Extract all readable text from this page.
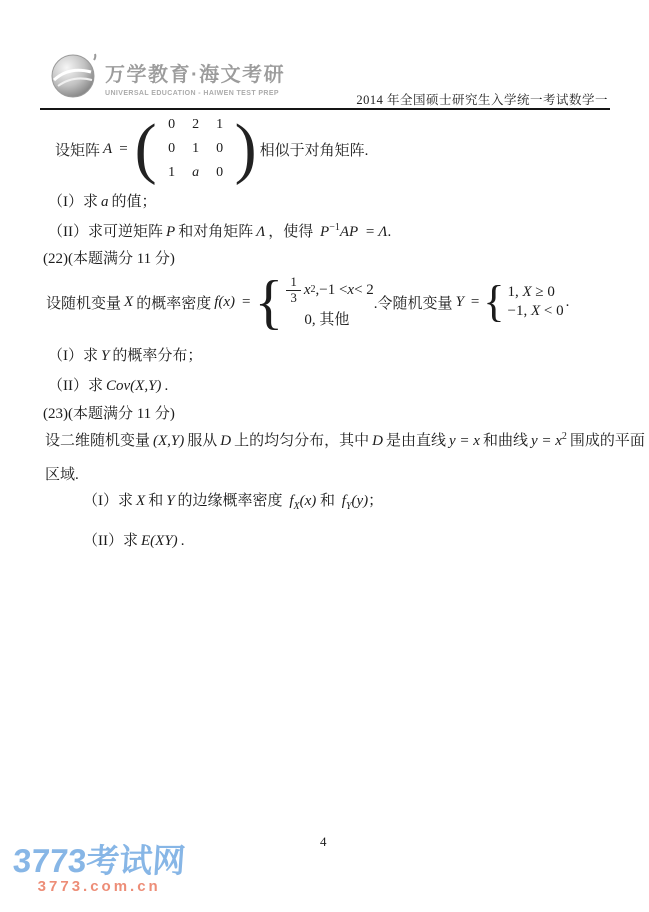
万学教育·海文考研
UNIVERSAL EDUCATION - HAIWEN TEST PREP	2014 年全国硕士研究生入学统一考试数学一
设矩阵 A = ( 0	2	1
0	1	0
1	a	0 ) 相似于对角矩阵.
（I）求 a 的值；
（II）求可逆矩阵 P 和对角矩阵 Λ ，使得 $P^{-1}AP = \Lambda$.
(22)(本题满分 11 分)
设随机变量 X 的概率密度 f(x) = { $\frac{1}{3}$ x 2 ,−1 < x < 2
0, 其他
.令随机变量 Y = { 1, X ≥ 0
−1, X < 0
.
（I）求 Y 的概率分布；
（II）求 Cov(X,Y) .
(23)(本题满分 11 分)
设二维随机变量 (X,Y) 服从 D 上的均匀分布，其中 D 是由直线 y = x 和曲线 $y = x^2$ 围成的平面
区域.
（I）求 X 和 Y 的边缘概率密度 $f_X(x)$ 和 $f_Y(y)$；
（II）求 E(XY) .
4
3773考试网
3773.com.cn
